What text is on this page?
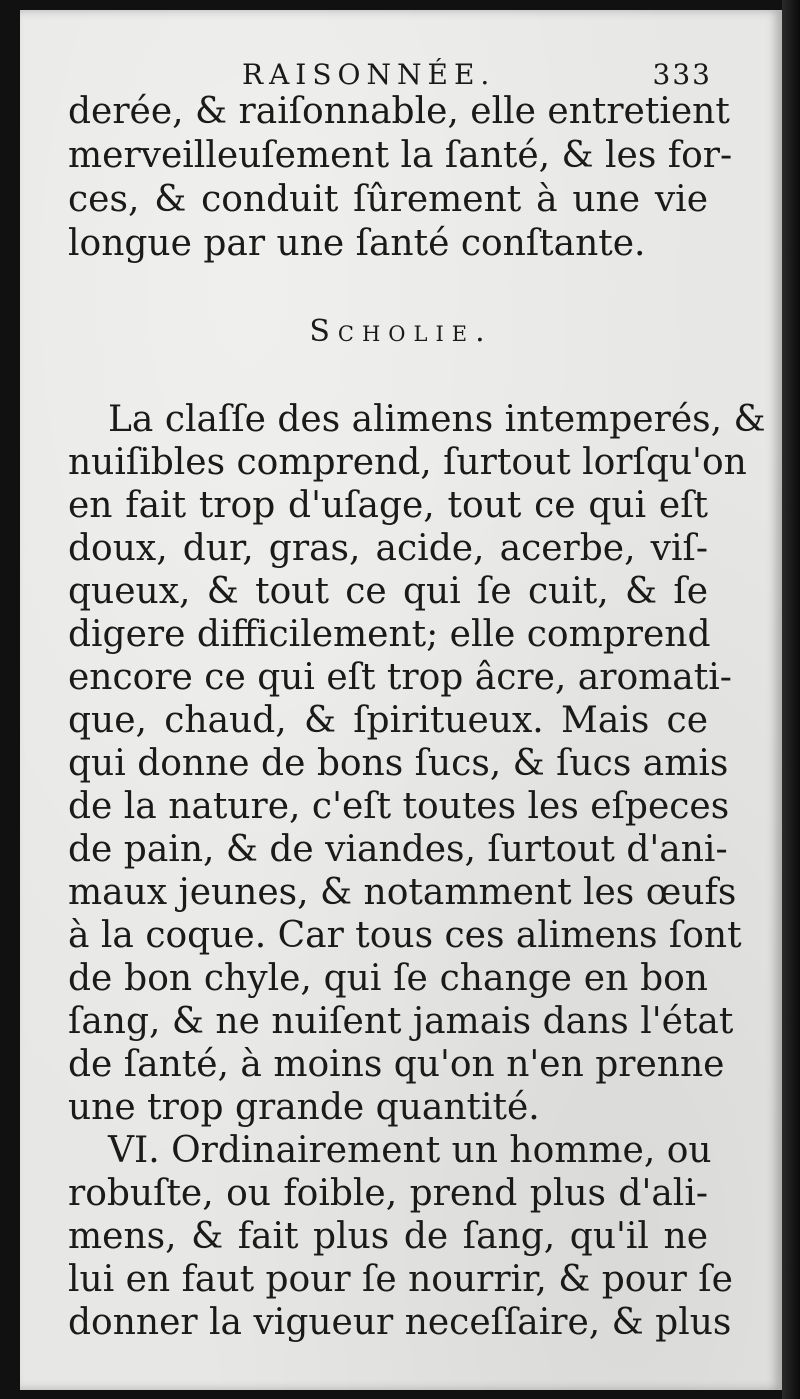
RAISONNÉE.	333
derée, & raiſonnable, elle entretient
merveilleuſement la ſanté, & les for-
ces, & conduit ſûrement à une vie
longue par une ſanté conſtante.
Scholie.
La claſſe des alimens intemperés, &
nuiſibles comprend, ſurtout lorſqu'on
en fait trop d'uſage, tout ce qui eſt
doux, dur, gras, acide, acerbe, viſ-
queux, & tout ce qui ſe cuit, & ſe
digere difficilement; elle comprend
encore ce qui eſt trop âcre, aromati-
que, chaud, & ſpiritueux. Mais ce
qui donne de bons ſucs, & ſucs amis
de la nature, c'eſt toutes les eſpeces
de pain, & de viandes, ſurtout d'ani-
maux jeunes, & notamment les œufs
à la coque. Car tous ces alimens ſont
de bon chyle, qui ſe change en bon
ſang, & ne nuiſent jamais dans l'état
de ſanté, à moins qu'on n'en prenne
une trop grande quantité.
VI. Ordinairement un homme, ou
robuſte, ou foible, prend plus d'ali-
mens, & fait plus de ſang, qu'il ne
lui en faut pour ſe nourrir, & pour ſe
donner la vigueur neceſſaire, & plus
